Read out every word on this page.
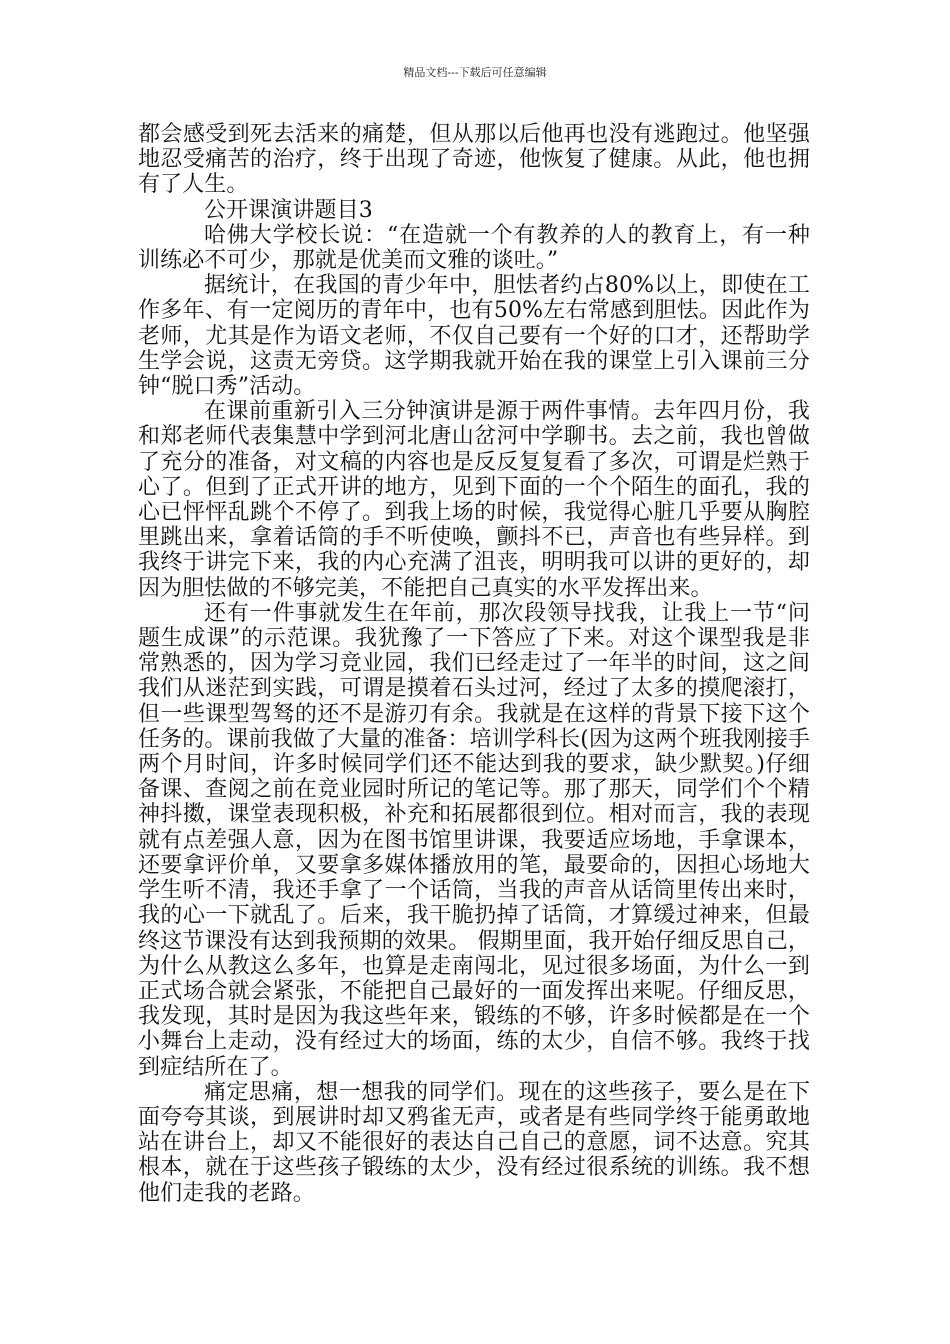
精品文档---下载后可任意编辑

都会感受到死去活来的痛楚，但从那以后他再也没有逃跑过。他坚强地忍受痛苦的治疗，终于出现了奇迹，他恢复了健康。从此，他也拥有了人生。

公开课演讲题目3

哈佛大学校长说：“在造就一个有教养的人的教育上，有一种训练必不可少，那就是优美而文雅的谈吐。”

据统计，在我国的青少年中，胆怯者约占80%以上，即使在工作多年、有一定阅历的青年中，也有50%左右常感到胆怯。因此作为老师，尤其是作为语文老师，不仅自己要有一个好的口才，还帮助学生学会说，这责无旁贷。这学期我就开始在我的课堂上引入课前三分钟“脱口秀”活动。

在课前重新引入三分钟演讲是源于两件事情。去年四月份，我和郑老师代表集慧中学到河北唐山岔河中学聊书。去之前，我也曾做了充分的准备，对文稿的内容也是反反复复看了多次，可谓是烂熟于心了。但到了正式开讲的地方，见到下面的一个个陌生的面孔，我的心已怦怦乱跳个不停了。到我上场的时候，我觉得心脏几乎要从胸腔里跳出来，拿着话筒的手不听使唤，颤抖不已，声音也有些异样。到我终于讲完下来，我的内心充满了沮丧，明明我可以讲的更好的，却因为胆怯做的不够完美，不能把自己真实的水平发挥出来。

还有一件事就发生在年前，那次段领导找我，让我上一节“问题生成课”的示范课。我犹豫了一下答应了下来。对这个课型我是非常熟悉的，因为学习竞业园，我们已经走过了一年半的时间，这之间我们从迷茫到实践，可谓是摸着石头过河，经过了太多的摸爬滚打，但一些课型驾驽的还不是游刃有余。我就是在这样的背景下接下这个任务的。课前我做了大量的准备：培训学科长(因为这两个班我刚接手两个月时间，许多时候同学们还不能达到我的要求，缺少默契。)仔细备课、查阅之前在竞业园时所记的笔记等。那了那天，同学们个个精神抖擞，课堂表现积极，补充和拓展都很到位。相对而言，我的表现就有点差强人意，因为在图书馆里讲课，我要适应场地，手拿课本，还要拿评价单，又要拿多媒体播放用的笔，最要命的，因担心场地大学生听不清，我还手拿了一个话筒，当我的声音从话筒里传出来时，我的心一下就乱了。后来，我干脆扔掉了话筒，才算缓过神来，但最终这节课没有达到我预期的效果。 假期里面，我开始仔细反思自己，为什么从教这么多年，也算是走南闯北，见过很多场面，为什么一到正式场合就会紧张，不能把自己最好的一面发挥出来呢。仔细反思，我发现，其时是因为我这些年来，锻练的不够，许多时候都是在一个小舞台上走动，没有经过大的场面，练的太少，自信不够。我终于找到症结所在了。

痛定思痛，想一想我的同学们。现在的这些孩子，要么是在下面夸夸其谈，到展讲时却又鸦雀无声，或者是有些同学终于能勇敢地站在讲台上，却又不能很好的表达自己自己的意愿，词不达意。究其根本，就在于这些孩子锻练的太少，没有经过很系统的训练。我不想他们走我的老路。
